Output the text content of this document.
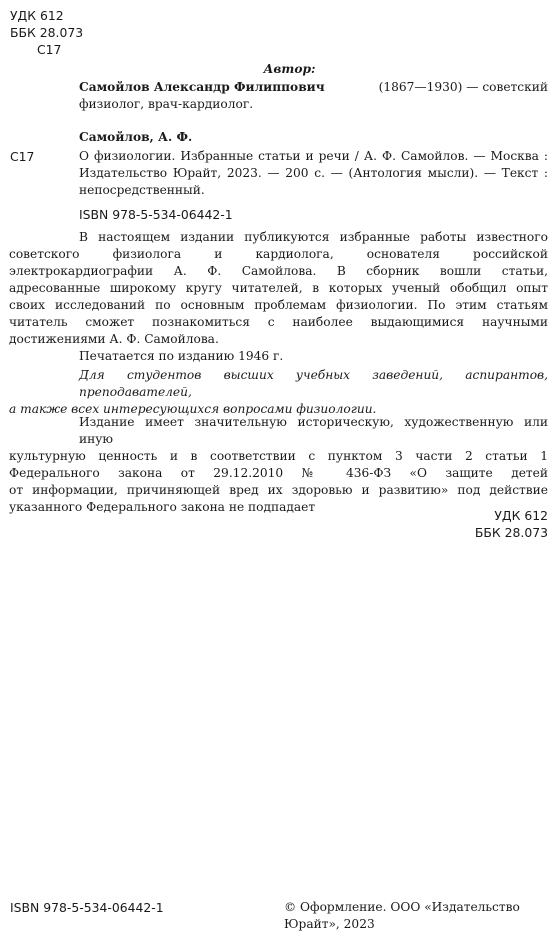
УДК 612
ББК 28.073
С17
Автор:
Самойлов Александр Филиппович	(1867—1930) — советский
физиолог, врач-кардиолог.
Самойлов, А. Ф.
С17	О физиологии. Избранные статьи и речи / А. Ф. Самойлов. — Москва :
Издательство Юрайт, 2023. — 200 с. — (Антология мысли). — Текст :
непосредственный.
ISBN 978-5-534-06442-1
В настоящем издании публикуются избранные работы известного
советского физиолога и кардиолога, основателя российской
электрокардиографии А. Ф. Самойлова. В сборник вошли статьи,
адресованные широкому кругу читателей, в которых ученый обобщил опыт
своих исследований по основным проблемам физиологии. По этим статьям
читатель сможет познакомиться с наиболее выдающимися научными
достижениями А. Ф. Самойлова.
Печатается по изданию 1946 г.
Для студентов высших учебных заведений, аспирантов, преподавателей,
а также всех интересующихся вопросами физиологии.
Издание имеет значительную историческую, художественную или иную
культурную ценность и в соответствии с пунктом 3 части 2 статьи 1
Федерального закона от 29.12.2010 № 436-ФЗ «О защите детей
от информации, причиняющей вред их здоровью и развитию» под действие
указанного Федерального закона не подпадает
УДК 612
ББК 28.073
ISBN 978-5-534-06442-1	© Оформление. ООО «Издательство
Юрайт», 2023
